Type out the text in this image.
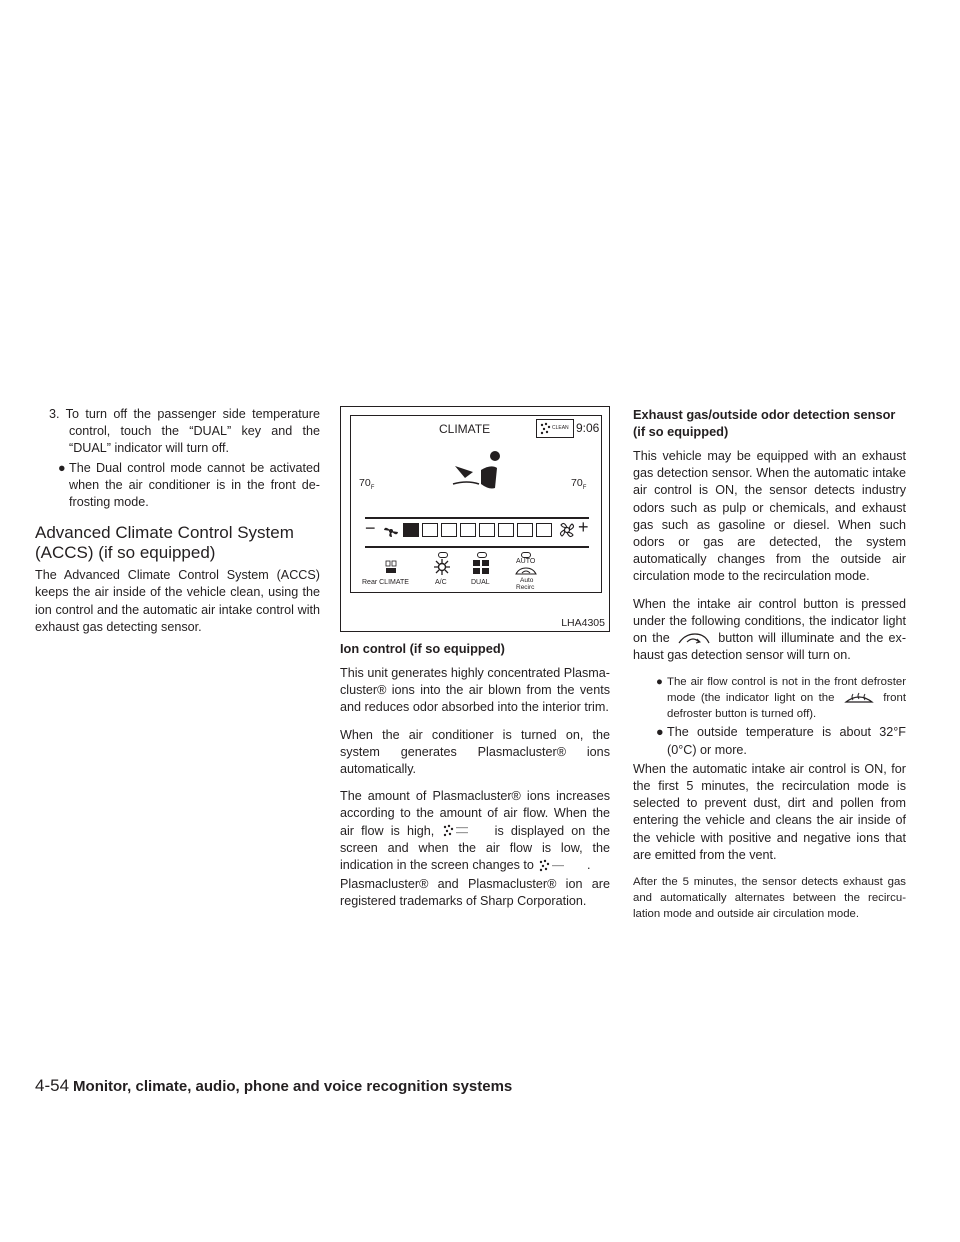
3. To turn off the passenger side temperature control, touch the “DUAL” key and the “DUAL” indicator will turn off.

● The Dual control mode cannot be activated when the air conditioner is in the front de-frosting mode.

Advanced Climate Control System
(ACCS) (if so equipped)

The Advanced Climate Control System (ACCS) keeps the air inside of the vehicle clean, using the ion control and the automatic air intake control with exhaust gas detecting sensor.

CLIMATE	CLEAN 9:06
$70_F$	$70_F$
−	+
Rear CLIMATE	A/C	DUAL
AUTO
Auto
Recirc
LHA4305

Ion control (if so equipped)

This unit generates highly concentrated Plasma-cluster® ions into the air blown from the vents and reduces odor absorbed into the interior trim.

When the air conditioner is turned on, the system generates Plasmacluster® ions automatically.

The amount of Plasmacluster® ions increases according to the amount of air flow. When the air flow is high,	is displayed on the screen and when the air flow is low, the indication in the screen changes to	.

Plasmacluster® and Plasmacluster® ion are registered trademarks of Sharp Corporation.

Exhaust gas/outside odor detection sensor
(if so equipped)

This vehicle may be equipped with an exhaust gas detection sensor. When the automatic intake air control is ON, the sensor detects industry odors such as pulp or chemicals, and exhaust gas such as gasoline or diesel. When such odors or gas are detected, the system automatically changes from the outside air circulation mode to the recirculation mode.

When the intake air control button is pressed under the following conditions, the indicator light on the	button will illuminate and the ex-haust gas detection sensor will turn on.

● The air flow control is not in the front defroster mode (the indicator light on the	front defroster button is turned off).

● The outside temperature is about 32°F (0°C) or more.

When the automatic intake air control is ON, for the first 5 minutes, the recirculation mode is selected to prevent dust, dirt and pollen from entering the vehicle and cleans the air inside of the vehicle with positive and negative ions that are emitted from the vent.

After the 5 minutes, the sensor detects exhaust gas and automatically alternates between the recircu-lation mode and outside air circulation mode.

4-54 Monitor, climate, audio, phone and voice recognition systems
